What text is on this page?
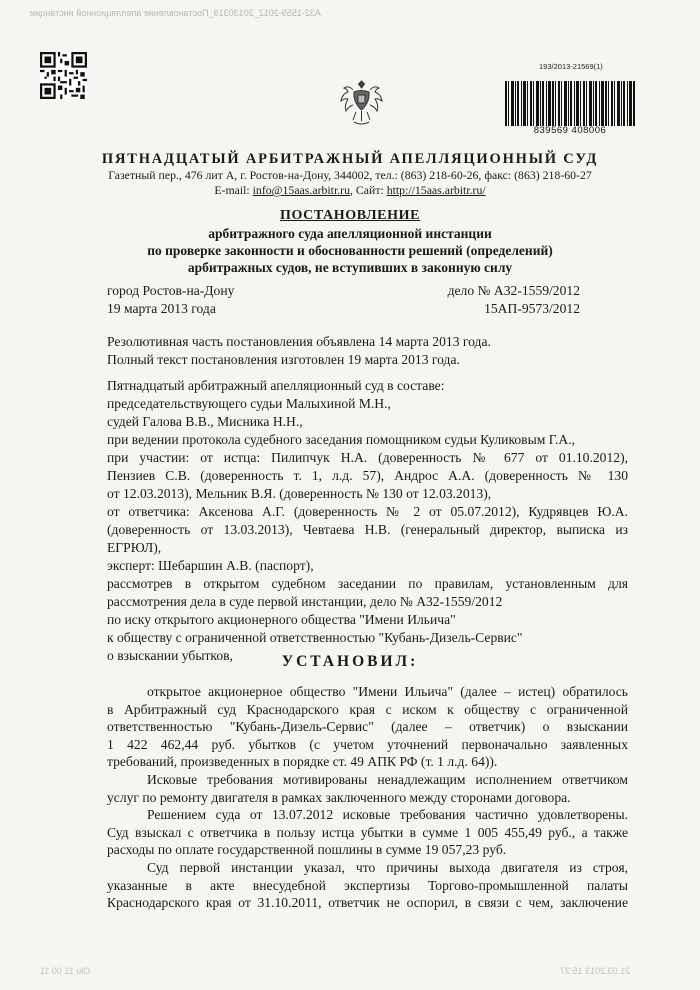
А32-1559-2012_20130319_Постановление апелляционной инстанции
193/2013-21569(1)
839569 408006
ПЯТНАДЦАТЫЙ АРБИТРАЖНЫЙ АПЕЛЛЯЦИОННЫЙ СУД
Газетный пер., 476 лит А, г. Ростов-на-Дону, 344002, тел.: (863) 218-60-26, факс: (863) 218-60-27
E-mail: info@15aas.arbitr.ru, Сайт: http://15aas.arbitr.ru/
ПОСТАНОВЛЕНИЕ
арбитражного суда апелляционной инстанции
по проверке законности и обоснованности решений (определений)
арбитражных судов, не вступивших в законную силу
город Ростов-на-Дону
19 марта 2013 года
дело № А32-1559/2012
15АП-9573/2012
Резолютивная часть постановления объявлена 14 марта 2013 года.
Полный текст постановления изготовлен 19 марта 2013 года.
Пятнадцатый арбитражный апелляционный суд в составе:
председательствующего судьи Малыхиной М.Н.,
судей Галова В.В., Мисника Н.Н.,
при ведении протокола судебного заседания помощником судьи Куликовым Г.А.,
при участии: от истца: Пилипчук Н.А. (доверенность № 677 от 01.10.2012),
Пензиев С.В. (доверенность т. 1, л.д. 57), Андрос А.А. (доверенность № 130
от 12.03.2013), Мельник В.Я. (доверенность № 130 от 12.03.2013),
от ответчика: Аксенова А.Г. (доверенность № 2 от 05.07.2012), Кудрявцев Ю.А.
(доверенность от 13.03.2013), Чевтаева Н.В. (генеральный директор, выписка из
ЕГРЮЛ),
эксперт: Шебаршин А.В. (паспорт),
рассмотрев в открытом судебном заседании по правилам, установленным для
рассмотрения дела в суде первой инстанции, дело № А32-1559/2012
по иску открытого акционерного общества "Имени Ильича"
к обществу с ограниченной ответственностью "Кубань-Дизель-Сервис"
о взыскании убытков,	УСТАНОВИЛ:
открытое акционерное общество "Имени Ильича" (далее – истец) обратилось
в Арбитражный суд Краснодарского края с иском к обществу с ограниченной
ответственностью "Кубань-Дизель-Сервис" (далее – ответчик) о взыскании
1 422 462,44 руб. убытков (с учетом уточнений первоначально заявленных
требований, произведенных в порядке ст. 49 АПК РФ (т. 1 л.д. 64)).
Исковые требования мотивированы ненадлежащим исполнением ответчиком
услуг по ремонту двигателя в рамках заключенного между сторонами договора.
Решением суда от 13.07.2012 исковые требования частично удовлетворены.
Суд взыскал с ответчика в пользу истца убытки в сумме 1 005 455,49 руб., а также
расходы по оплате государственной пошлины в сумме 19 057,23 руб.
Суд первой инстанции указал, что причины выхода двигателя из строя,
указанные в акте внесудебной экспертизы Торгово-промышленной палаты
Краснодарского края от 31.10.2011, ответчик не оспорил, в связи с чем, заключение
Olu 11 00 11	21.03.2013 15:37
